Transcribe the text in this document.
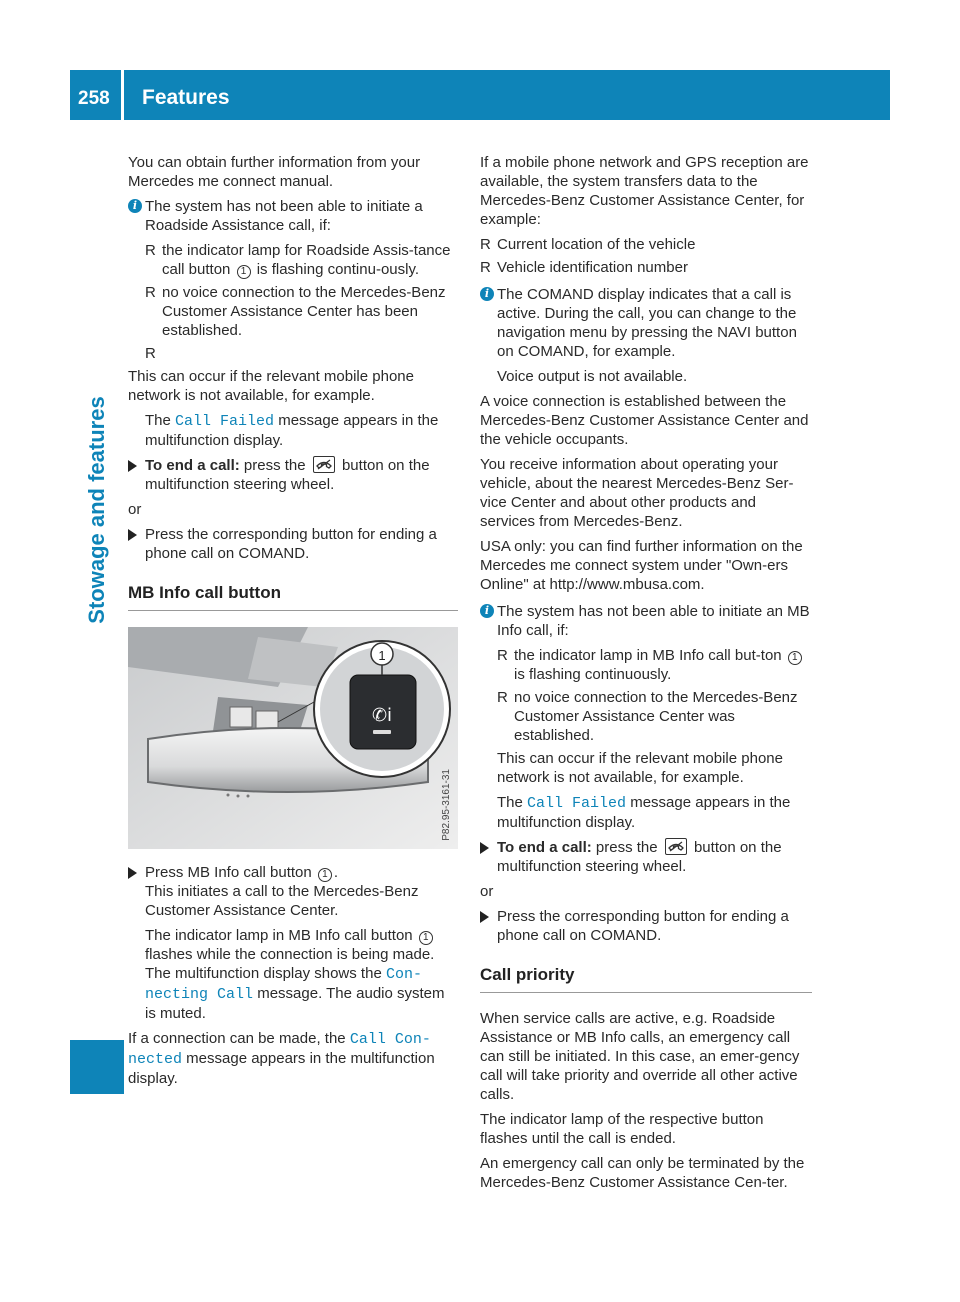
258 Features
Stowage and features
You can obtain further information from your Mercedes me connect manual.
i The system has not been able to initiate a Roadside Assistance call, if:
R the indicator lamp for Roadside Assis-tance call button 1 is flashing continu-ously.
R no voice connection to the Mercedes-Benz Customer Assistance Center has been established.
R
This can occur if the relevant mobile phone network is not available, for example.
The Call Failed message appears in the multifunction display.
To end a call: press the
button on the multifunction steering wheel.
or
Press the corresponding button for ending a phone call on COMAND.
MB Info call button
✆i
1
P82.95-3161-31
Press MB Info call button 1 .
This initiates a call to the Mercedes-Benz Customer Assistance Center.
The indicator lamp in MB Info call button 1 flashes while the connection is being made. The multifunction display shows the Con‐necting Call message. The audio system is muted.
If a connection can be made, the Call Con‐nected message appears in the multifunction display.
If a mobile phone network and GPS reception are available, the system transfers data to the Mercedes-Benz Customer Assistance Center, for example:
R Current location of the vehicle
R Vehicle identification number
i The COMAND display indicates that a call is active. During the call, you can change to the navigation menu by pressing the NAVI button on COMAND, for example.
Voice output is not available.
A voice connection is established between the Mercedes-Benz Customer Assistance Center and the vehicle occupants.
You receive information about operating your vehicle, about the nearest Mercedes-Benz Ser-vice Center and about other products and services from Mercedes-Benz.
USA only: you can find further information on the Mercedes me connect system under "Own-ers Online" at http://www.mbusa.com.
i The system has not been able to initiate an MB Info call, if:
R the indicator lamp in MB Info call but-ton 1 is flashing continuously.
R no voice connection to the Mercedes-Benz Customer Assistance Center was established.
This can occur if the relevant mobile phone network is not available, for example.
The Call Failed message appears in the multifunction display.
To end a call: press the
button on the multifunction steering wheel.
or
Press the corresponding button for ending a phone call on COMAND.
Call priority
When service calls are active, e.g. Roadside Assistance or MB Info calls, an emergency call can still be initiated. In this case, an emer-gency call will take priority and override all other active calls.
The indicator lamp of the respective button flashes until the call is ended.
An emergency call can only be terminated by the Mercedes-Benz Customer Assistance Cen-ter.
